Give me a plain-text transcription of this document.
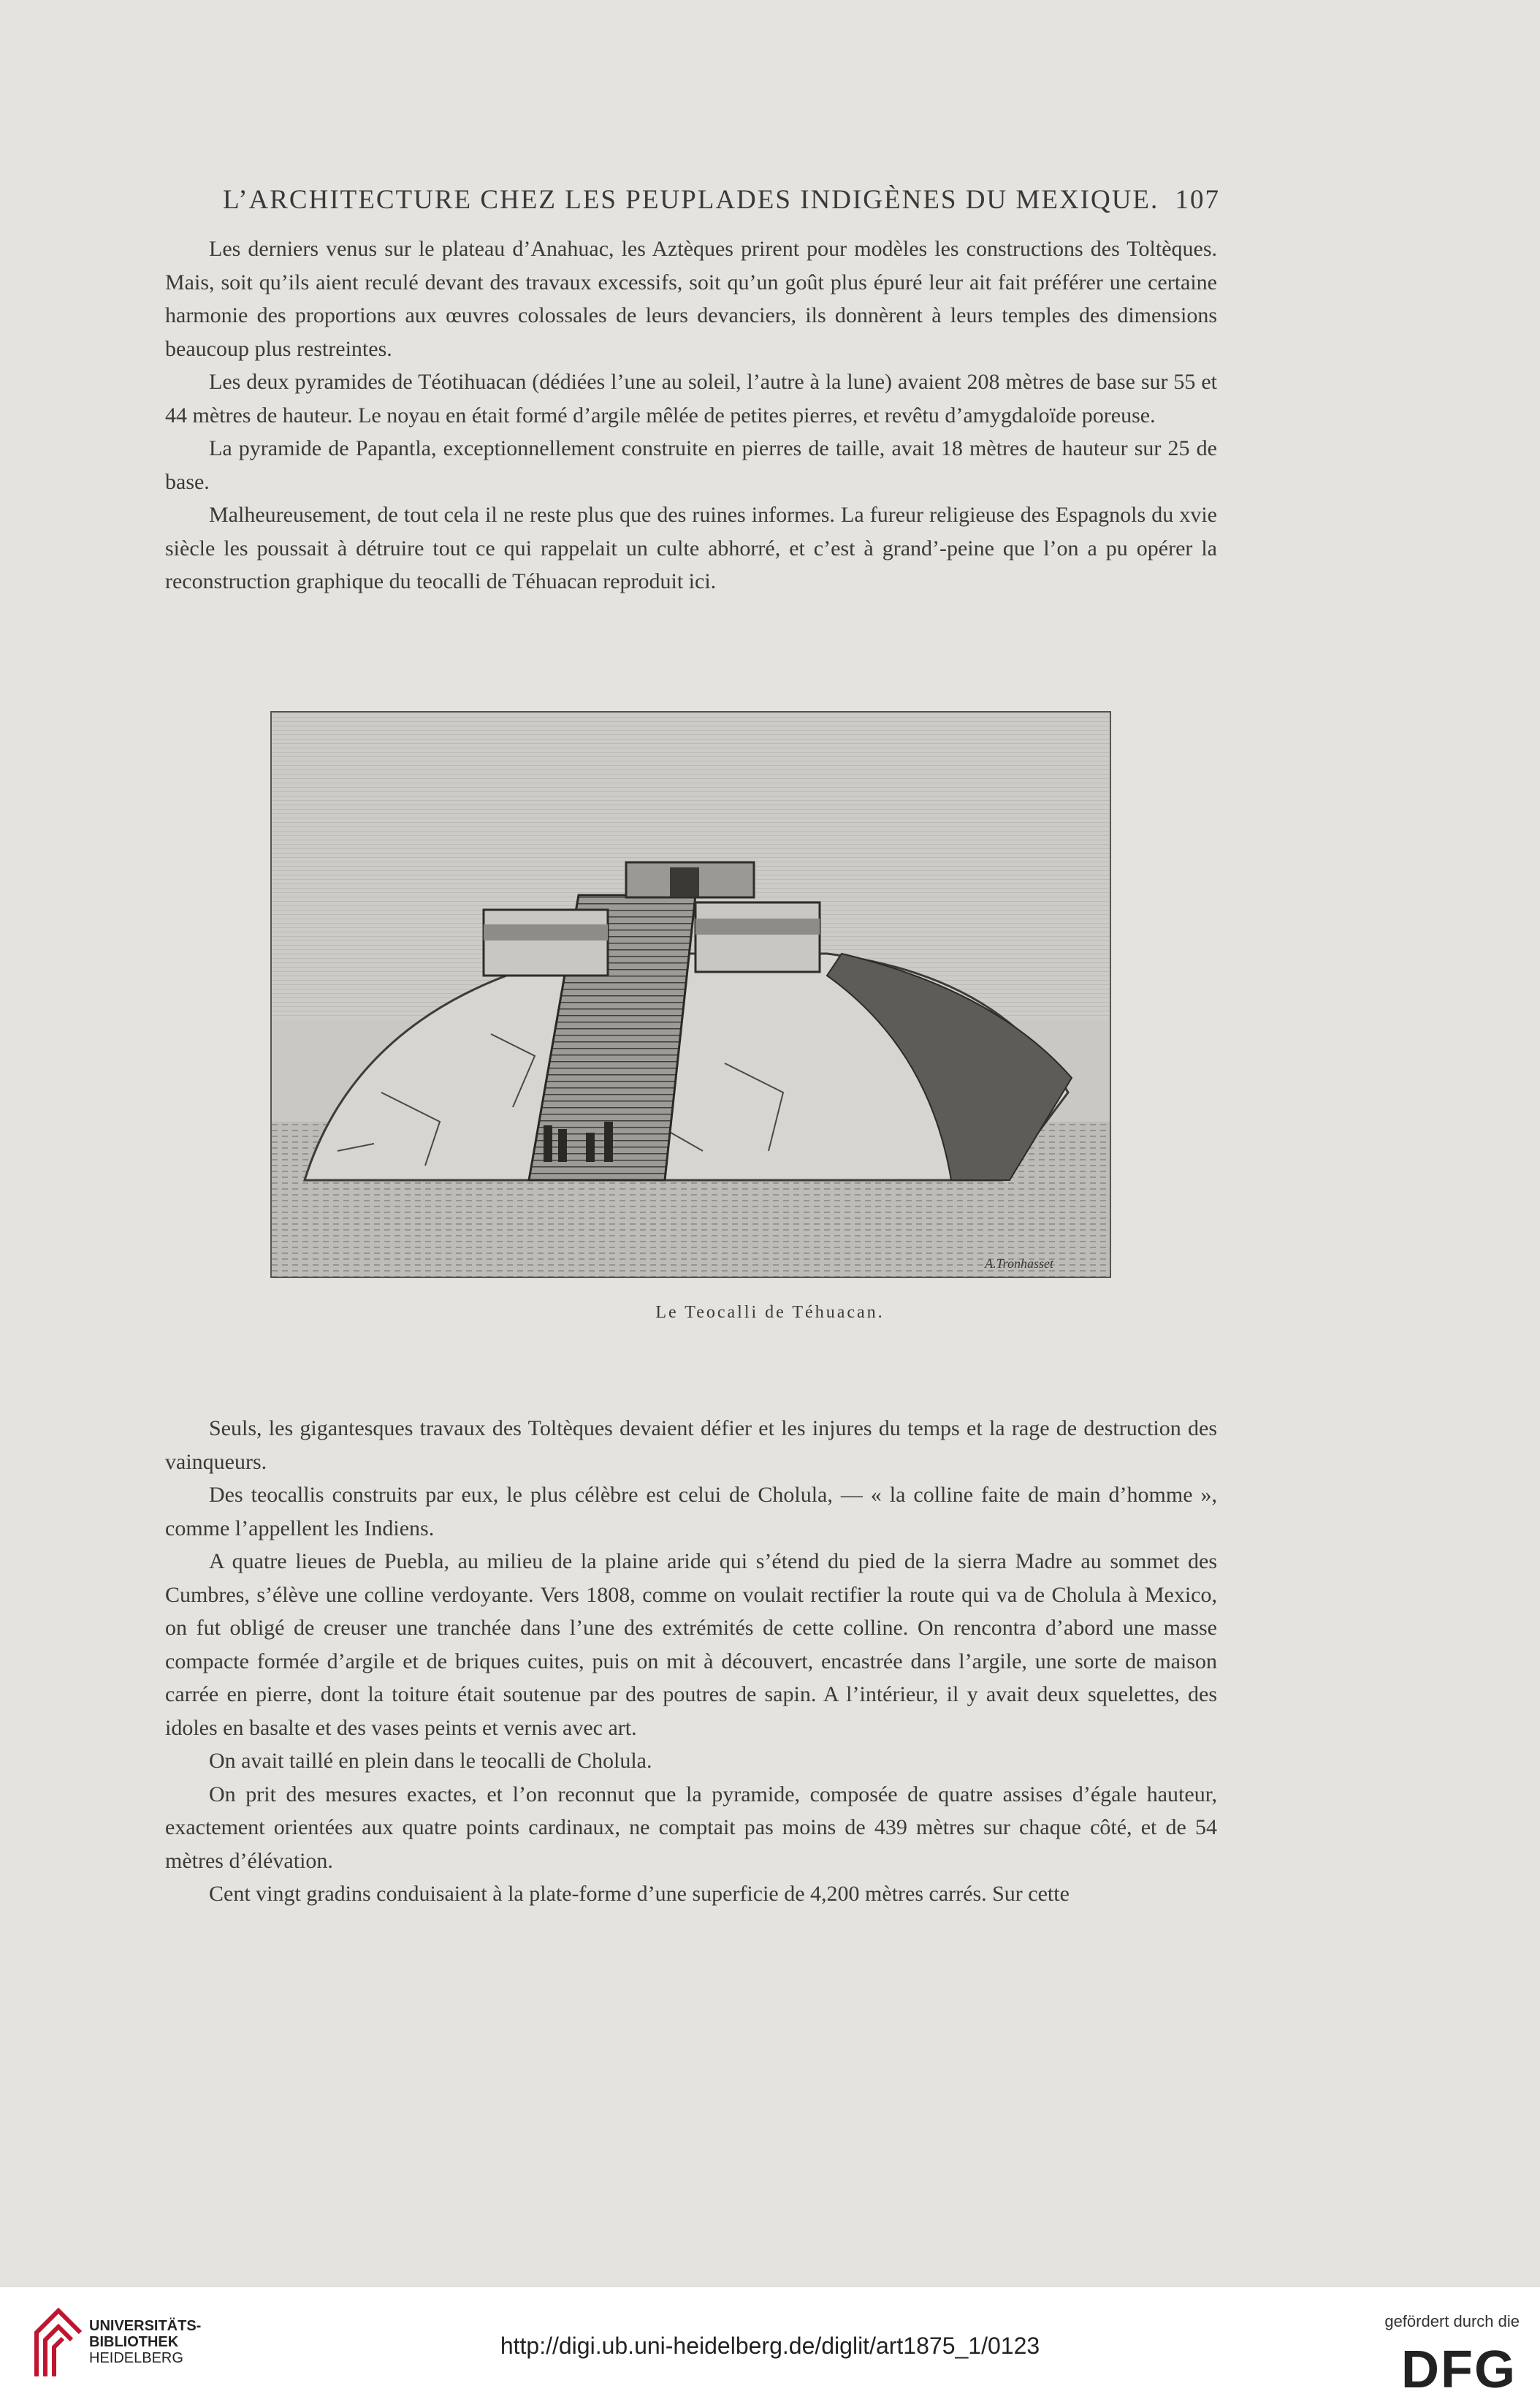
L’ARCHITECTURE CHEZ LES PEUPLADES INDIGÈNES DU MEXIQUE. 107

Les derniers venus sur le plateau d’Anahuac, les Aztèques prirent pour modèles les constructions des Toltèques. Mais, soit qu’ils aient reculé devant des travaux excessifs, soit qu’un goût plus épuré leur ait fait préférer une certaine harmonie des proportions aux œuvres colossales de leurs devanciers, ils donnèrent à leurs temples des dimensions beaucoup plus restreintes.

Les deux pyramides de Téotihuacan (dédiées l’une au soleil, l’autre à la lune) avaient 208 mètres de base sur 55 et 44 mètres de hauteur. Le noyau en était formé d’argile mêlée de petites pierres, et revêtu d’amygdaloïde poreuse.

La pyramide de Papantla, exceptionnellement construite en pierres de taille, avait 18 mètres de hauteur sur 25 de base.

Malheureusement, de tout cela il ne reste plus que des ruines informes. La fureur religieuse des Espagnols du xvie siècle les poussait à détruire tout ce qui rappelait un culte abhorré, et c’est à grand’-peine que l’on a pu opérer la reconstruction graphique du teocalli de Téhuacan reproduit ici.

A.Tronhasset
Le Teocalli de Téhuacan.

Seuls, les gigantesques travaux des Toltèques devaient défier et les injures du temps et la rage de destruction des vainqueurs.

Des teocallis construits par eux, le plus célèbre est celui de Cholula, — « la colline faite de main d’homme », comme l’appellent les Indiens.

A quatre lieues de Puebla, au milieu de la plaine aride qui s’étend du pied de la sierra Madre au sommet des Cumbres, s’élève une colline verdoyante. Vers 1808, comme on voulait rectifier la route qui va de Cholula à Mexico, on fut obligé de creuser une tranchée dans l’une des extrémités de cette colline. On rencontra d’abord une masse compacte formée d’argile et de briques cuites, puis on mit à découvert, encastrée dans l’argile, une sorte de maison carrée en pierre, dont la toiture était soutenue par des poutres de sapin. A l’intérieur, il y avait deux squelettes, des idoles en basalte et des vases peints et vernis avec art.

On avait taillé en plein dans le teocalli de Cholula.

On prit des mesures exactes, et l’on reconnut que la pyramide, composée de quatre assises d’égale hauteur, exactement orientées aux quatre points cardinaux, ne comptait pas moins de 439 mètres sur chaque côté, et de 54 mètres d’élévation.

Cent vingt gradins conduisaient à la plate-forme d’une superficie de 4,200 mètres carrés. Sur cette

UNIVERSITÄTS-
BIBLIOTHEK
HEIDELBERG	http://digi.ub.uni-heidelberg.de/diglit/art1875_1/0123
gefördert durch die
DFG
